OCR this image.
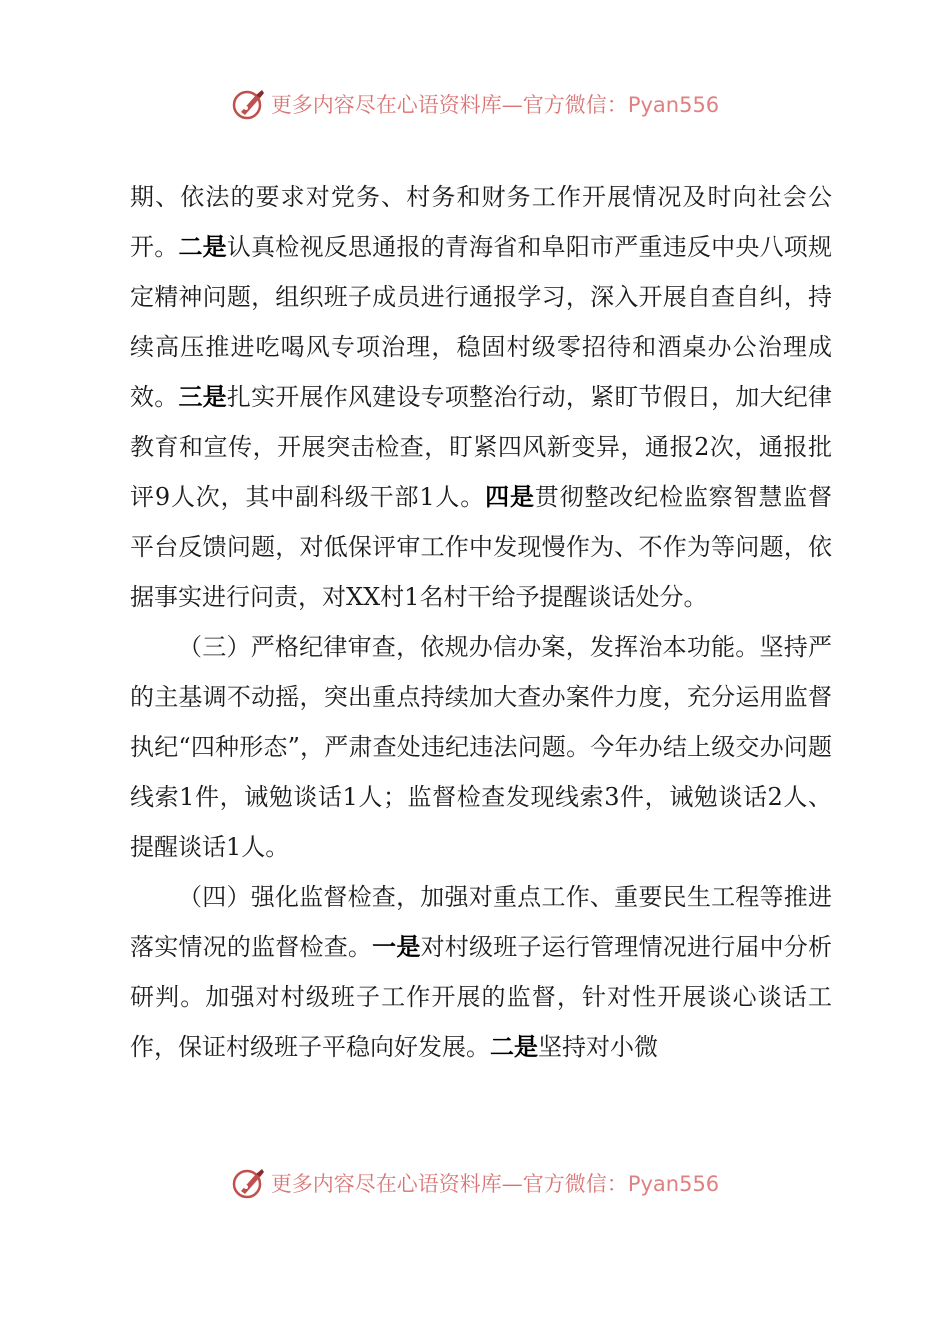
更多内容尽在心语资料库—官方微信：Pyan556

期、依法的要求对党务、村务和财务工作开展情况及时向社会公开。二是认真检视反思通报的青海省和阜阳市严重违反中央八项规定精神问题，组织班子成员进行通报学习，深入开展自查自纠，持续高压推进吃喝风专项治理，稳固村级零招待和酒桌办公治理成效。三是扎实开展作风建设专项整治行动，紧盯节假日，加大纪律教育和宣传，开展突击检查，盯紧四风新变异，通报2次，通报批评9人次，其中副科级干部1人。四是贯彻整改纪检监察智慧监督平台反馈问题，对低保评审工作中发现慢作为、不作为等问题，依据事实进行问责，对XX村1名村干给予提醒谈话处分。

（三）严格纪律审查，依规办信办案，发挥治本功能。坚持严的主基调不动摇，突出重点持续加大查办案件力度，充分运用监督执纪“四种形态”，严肃查处违纪违法问题。今年办结上级交办问题线索1件，诫勉谈话1人；监督检查发现线索3件，诫勉谈话2人、提醒谈话1人。

（四）强化监督检查，加强对重点工作、重要民生工程等推进落实情况的监督检查。一是对村级班子运行管理情况进行届中分析研判。加强对村级班子工作开展的监督，针对性开展谈心谈话工作，保证村级班子平稳向好发展。二是坚持对小微

更多内容尽在心语资料库—官方微信：Pyan556
